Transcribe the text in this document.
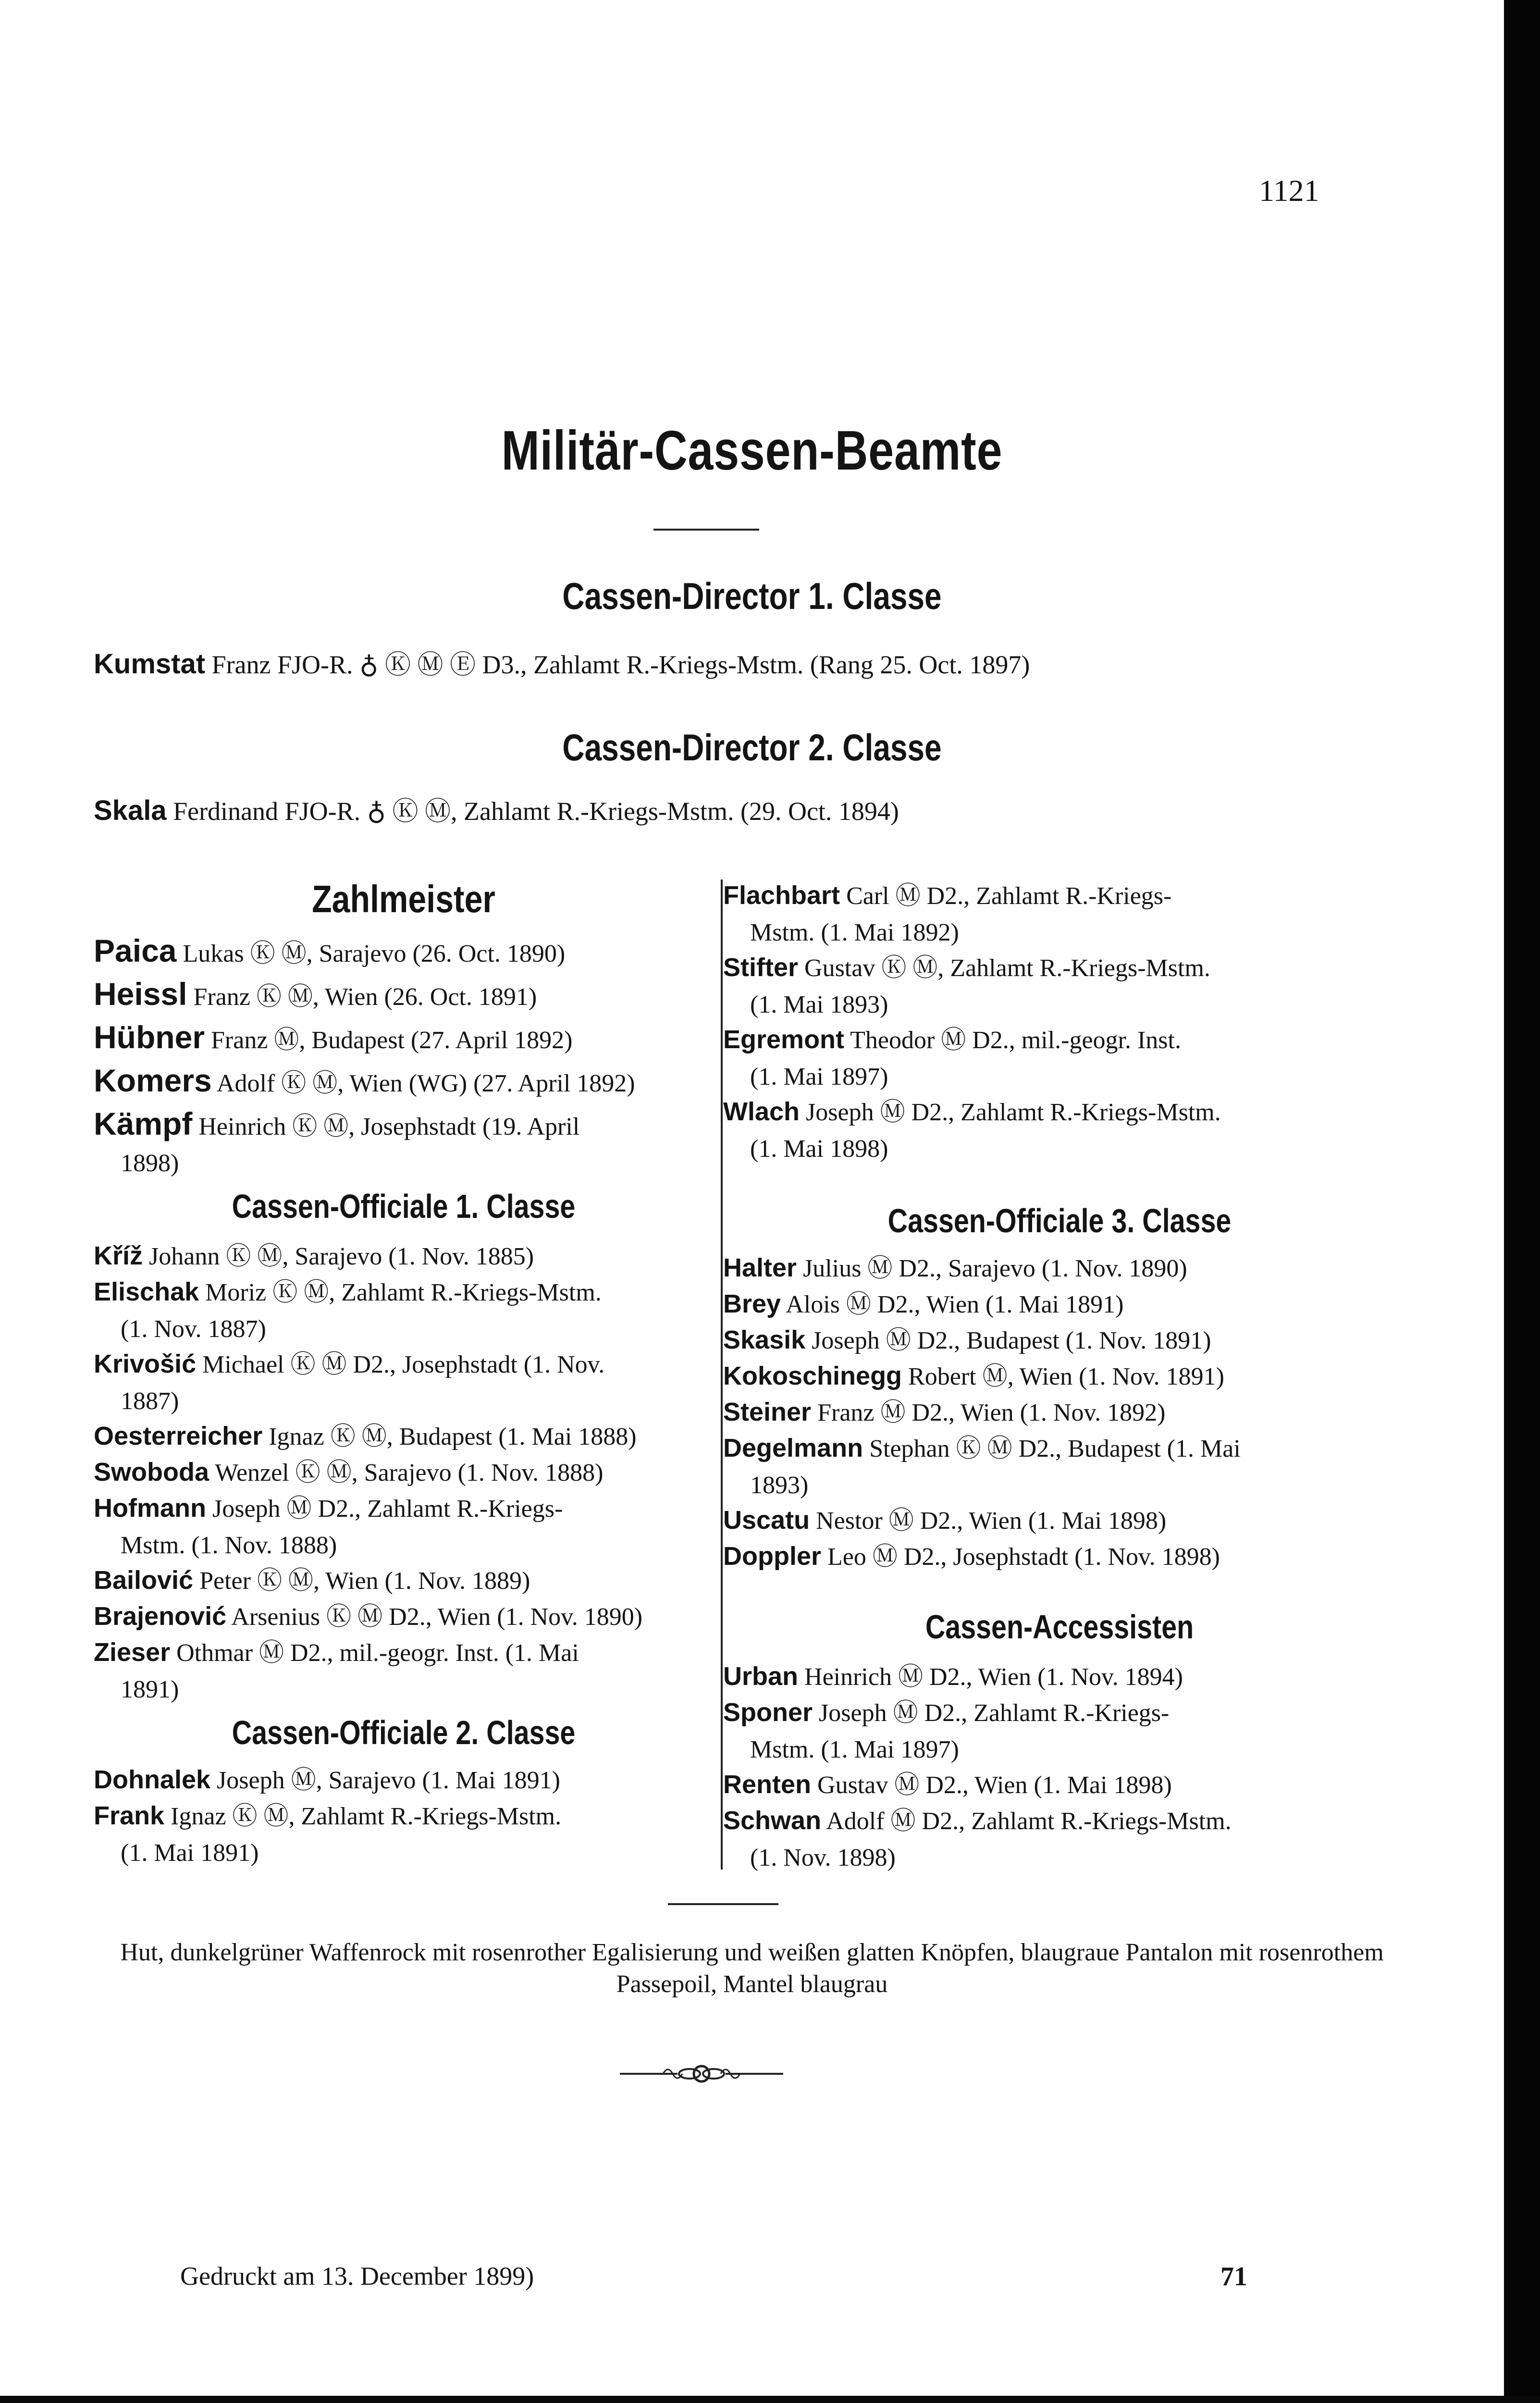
1121
Militär-Cassen-Beamte
Cassen-Director 1. Classe
Kumstat Franz FJO-R. ♁ Ⓚ Ⓜ Ⓔ D3., Zahlamt R.-Kriegs-Mstm. (Rang 25. Oct. 1897)
Cassen-Director 2. Classe
Skala Ferdinand FJO-R. ♁ Ⓚ Ⓜ, Zahlamt R.-Kriegs-Mstm. (29. Oct. 1894)
Zahlmeister
Paica Lukas Ⓚ Ⓜ, Sarajevo (26. Oct. 1890)
Heissl Franz Ⓚ Ⓜ, Wien (26. Oct. 1891)
Hübner Franz Ⓜ, Budapest (27. April 1892)
Komers Adolf Ⓚ Ⓜ, Wien (WG) (27. April 1892)
Kämpf Heinrich Ⓚ Ⓜ, Josephstadt (19. April
1898)
Cassen-Officiale 1. Classe
Kříž Johann Ⓚ Ⓜ, Sarajevo (1. Nov. 1885)
Elischak Moriz Ⓚ Ⓜ, Zahlamt R.-Kriegs-Mstm.
(1. Nov. 1887)
Krivošić Michael Ⓚ Ⓜ D2., Josephstadt (1. Nov.
1887)
Oesterreicher Ignaz Ⓚ Ⓜ, Budapest (1. Mai 1888)
Swoboda Wenzel Ⓚ Ⓜ, Sarajevo (1. Nov. 1888)
Hofmann Joseph Ⓜ D2., Zahlamt R.-Kriegs-
Mstm. (1. Nov. 1888)
Bailović Peter Ⓚ Ⓜ, Wien (1. Nov. 1889)
Brajenović Arsenius Ⓚ Ⓜ D2., Wien (1. Nov. 1890)
Zieser Othmar Ⓜ D2., mil.-geogr. Inst. (1. Mai
1891)
Cassen-Officiale 2. Classe
Dohnalek Joseph Ⓜ, Sarajevo (1. Mai 1891)
Frank Ignaz Ⓚ Ⓜ, Zahlamt R.-Kriegs-Mstm.
(1. Mai 1891)
Flachbart Carl Ⓜ D2., Zahlamt R.-Kriegs-
Mstm. (1. Mai 1892)
Stifter Gustav Ⓚ Ⓜ, Zahlamt R.-Kriegs-Mstm.
(1. Mai 1893)
Egremont Theodor Ⓜ D2., mil.-geogr. Inst.
(1. Mai 1897)
Wlach Joseph Ⓜ D2., Zahlamt R.-Kriegs-Mstm.
(1. Mai 1898)
Cassen-Officiale 3. Classe
Halter Julius Ⓜ D2., Sarajevo (1. Nov. 1890)
Brey Alois Ⓜ D2., Wien (1. Mai 1891)
Skasik Joseph Ⓜ D2., Budapest (1. Nov. 1891)
Kokoschinegg Robert Ⓜ, Wien (1. Nov. 1891)
Steiner Franz Ⓜ D2., Wien (1. Nov. 1892)
Degelmann Stephan Ⓚ Ⓜ D2., Budapest (1. Mai
1893)
Uscatu Nestor Ⓜ D2., Wien (1. Mai 1898)
Doppler Leo Ⓜ D2., Josephstadt (1. Nov. 1898)
Cassen-Accessisten
Urban Heinrich Ⓜ D2., Wien (1. Nov. 1894)
Sponer Joseph Ⓜ D2., Zahlamt R.-Kriegs-
Mstm. (1. Mai 1897)
Renten Gustav Ⓜ D2., Wien (1. Mai 1898)
Schwan Adolf Ⓜ D2., Zahlamt R.-Kriegs-Mstm.
(1. Nov. 1898)
Hut, dunkelgrüner Waffenrock mit rosenrother Egalisierung und weißen glatten Knöpfen, blaugraue Pantalon mit rosenrothem Passepoil, Mantel blaugrau
Gedruckt am 13. December 1899)	71
